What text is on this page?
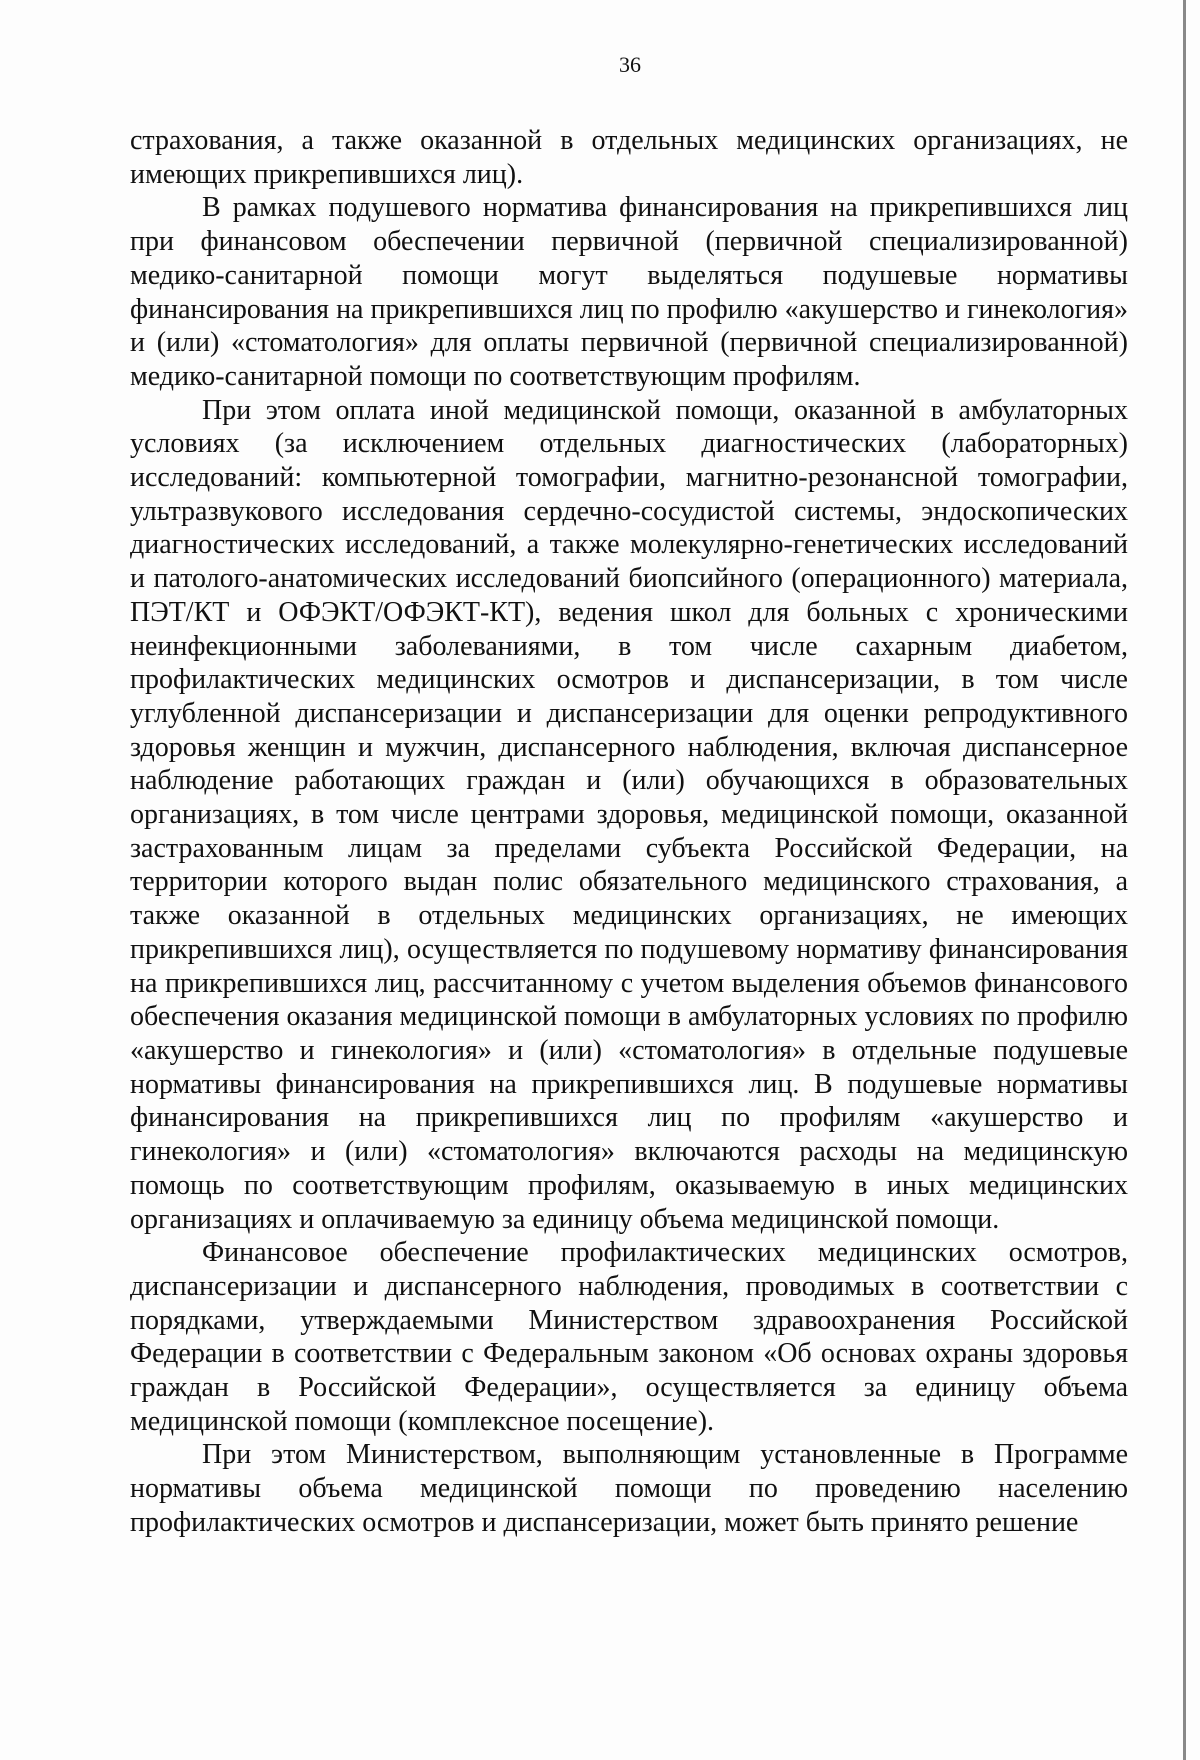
36

страхования, а также оказанной в отдельных медицинских организациях, не имеющих прикрепившихся лиц).

В рамках подушевого норматива финансирования на прикрепившихся лиц при финансовом обеспечении первичной (первичной специализированной) медико-санитарной помощи могут выделяться подушевые нормативы финансирования на прикрепившихся лиц по профилю «акушерство и гинекология» и (или) «стоматология» для оплаты первичной (первичной специализированной) медико-санитарной помощи по соответствующим профилям.

При этом оплата иной медицинской помощи, оказанной в амбулаторных условиях (за исключением отдельных диагностических (лабораторных) исследований: компьютерной томографии, магнитно-резонансной томографии, ультразвукового исследования сердечно-сосудистой системы, эндоскопических диагностических исследований, а также молекулярно-генетических исследований и патолого-анатомических исследований биопсийного (операционного) материала, ПЭТ/КТ и ОФЭКТ/ОФЭКТ-КТ), ведения школ для больных с хроническими неинфекционными заболеваниями, в том числе сахарным диабетом, профилактических медицинских осмотров и диспансеризации, в том числе углубленной диспансеризации и диспансеризации для оценки репродуктивного здоровья женщин и мужчин, диспансерного наблюдения, включая диспансерное наблюдение работающих граждан и (или) обучающихся в образовательных организациях, в том числе центрами здоровья, медицинской помощи, оказанной застрахованным лицам за пределами субъекта Российской Федерации, на территории которого выдан полис обязательного медицинского страхования, а также оказанной в отдельных медицинских организациях, не имеющих прикрепившихся лиц), осуществляется по подушевому нормативу финансирования на прикрепившихся лиц, рассчитанному с учетом выделения объемов финансового обеспечения оказания медицинской помощи в амбулаторных условиях по профилю «акушерство и гинекология» и (или) «стоматология» в отдельные подушевые нормативы финансирования на прикрепившихся лиц. В подушевые нормативы финансирования на прикрепившихся лиц по профилям «акушерство и гинекология» и (или) «стоматология» включаются расходы на медицинскую помощь по соответствующим профилям, оказываемую в иных медицинских организациях и оплачиваемую за единицу объема медицинской помощи.

Финансовое обеспечение профилактических медицинских осмотров, диспансеризации и диспансерного наблюдения, проводимых в соответствии с порядками, утверждаемыми Министерством здравоохранения Российской Федерации в соответствии с Федеральным законом «Об основах охраны здоровья граждан в Российской Федерации», осуществляется за единицу объема медицинской помощи (комплексное посещение).

При этом Министерством, выполняющим установленные в Программе нормативы объема медицинской помощи по проведению населению профилактических осмотров и диспансеризации, может быть принято решение
